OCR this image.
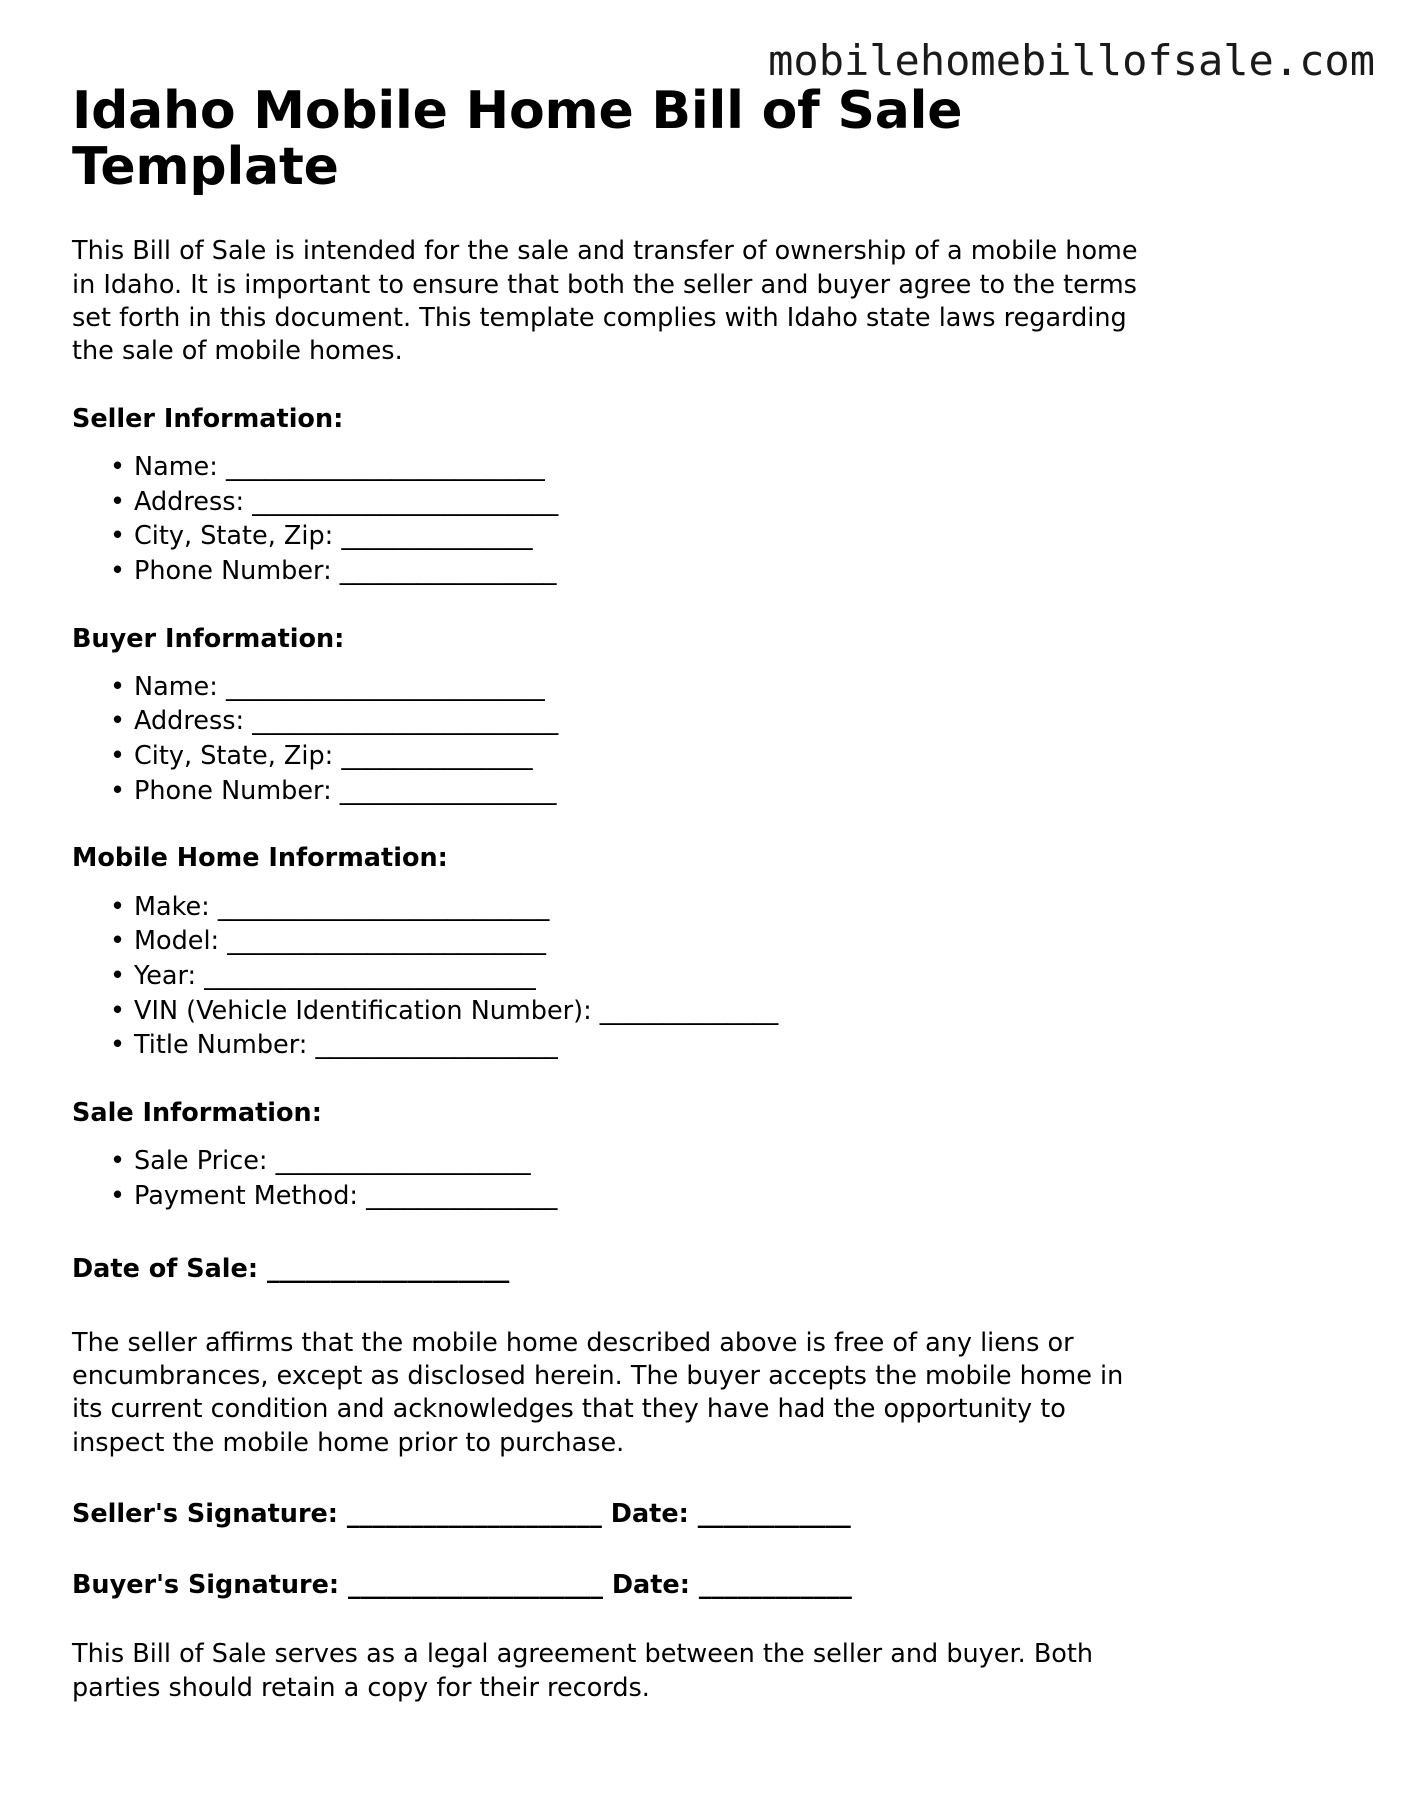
mobilehomebillofsale.com
Idaho Mobile Home Bill of Sale Template

This Bill of Sale is intended for the sale and transfer of ownership of a mobile home in Idaho. It is important to ensure that both the seller and buyer agree to the terms set forth in this document. This template complies with Idaho state laws regarding the sale of mobile homes.

Seller Information:
• Name: _________________________
• Address: ________________________
• City, State, Zip: _______________
• Phone Number: _________________
Buyer Information:
• Name: _________________________
• Address: ________________________
• City, State, Zip: _______________
• Phone Number: _________________
Mobile Home Information:
• Make: __________________________
• Model: _________________________
• Year: __________________________
• VIN (Vehicle Identification Number): ______________
• Title Number: ___________________
Sale Information:
• Sale Price: ____________________
• Payment Method: _______________

Date of Sale: ___________________

The seller affirms that the mobile home described above is free of any liens or encumbrances, except as disclosed herein. The buyer accepts the mobile home in its current condition and acknowledges that they have had the opportunity to inspect the mobile home prior to purchase.

Seller's Signature: ____________________ Date: ____________

Buyer's Signature: ____________________ Date: ____________

This Bill of Sale serves as a legal agreement between the seller and buyer. Both parties should retain a copy for their records.
